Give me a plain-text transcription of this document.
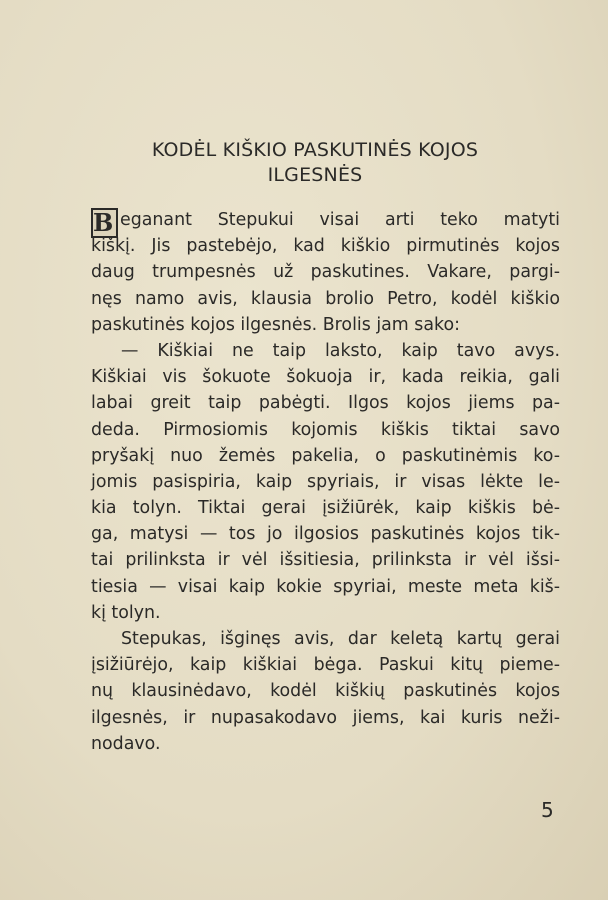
KODĖL KIŠKIO PASKUTINĖS KOJOS
ILGESNĖS
B eganant Stepukui visai arti teko matyti
kiškį. Jis pastebėjo, kad kiškio pirmutinės kojos
daug trumpesnės už paskutines. Vakare, pargi-
nęs namo avis, klausia brolio Petro, kodėl kiškio
paskutinės kojos ilgesnės. Brolis jam sako:
— Kiškiai ne taip laksto, kaip tavo avys.
Kiškiai vis šokuote šokuoja ir, kada reikia, gali
labai greit taip pabėgti. Ilgos kojos jiems pa-
deda. Pirmosiomis kojomis kiškis tiktai savo
pryšakį nuo žemės pakelia, o paskutinėmis ko-
jomis pasispiria, kaip spyriais, ir visas lėkte le-
kia tolyn. Tiktai gerai įsižiūrėk, kaip kiškis bė-
ga, matysi — tos jo ilgosios paskutinės kojos tik-
tai prilinksta ir vėl išsitiesia, prilinksta ir vėl išsi-
tiesia — visai kaip kokie spyriai, meste meta kiš-
kį tolyn.
Stepukas, išginęs avis, dar keletą kartų gerai
įsižiūrėjo, kaip kiškiai bėga. Paskui kitų pieme-
nų klausinėdavo, kodėl kiškių paskutinės kojos
ilgesnės, ir nupasakodavo jiems, kai kuris neži-
nodavo.
5
